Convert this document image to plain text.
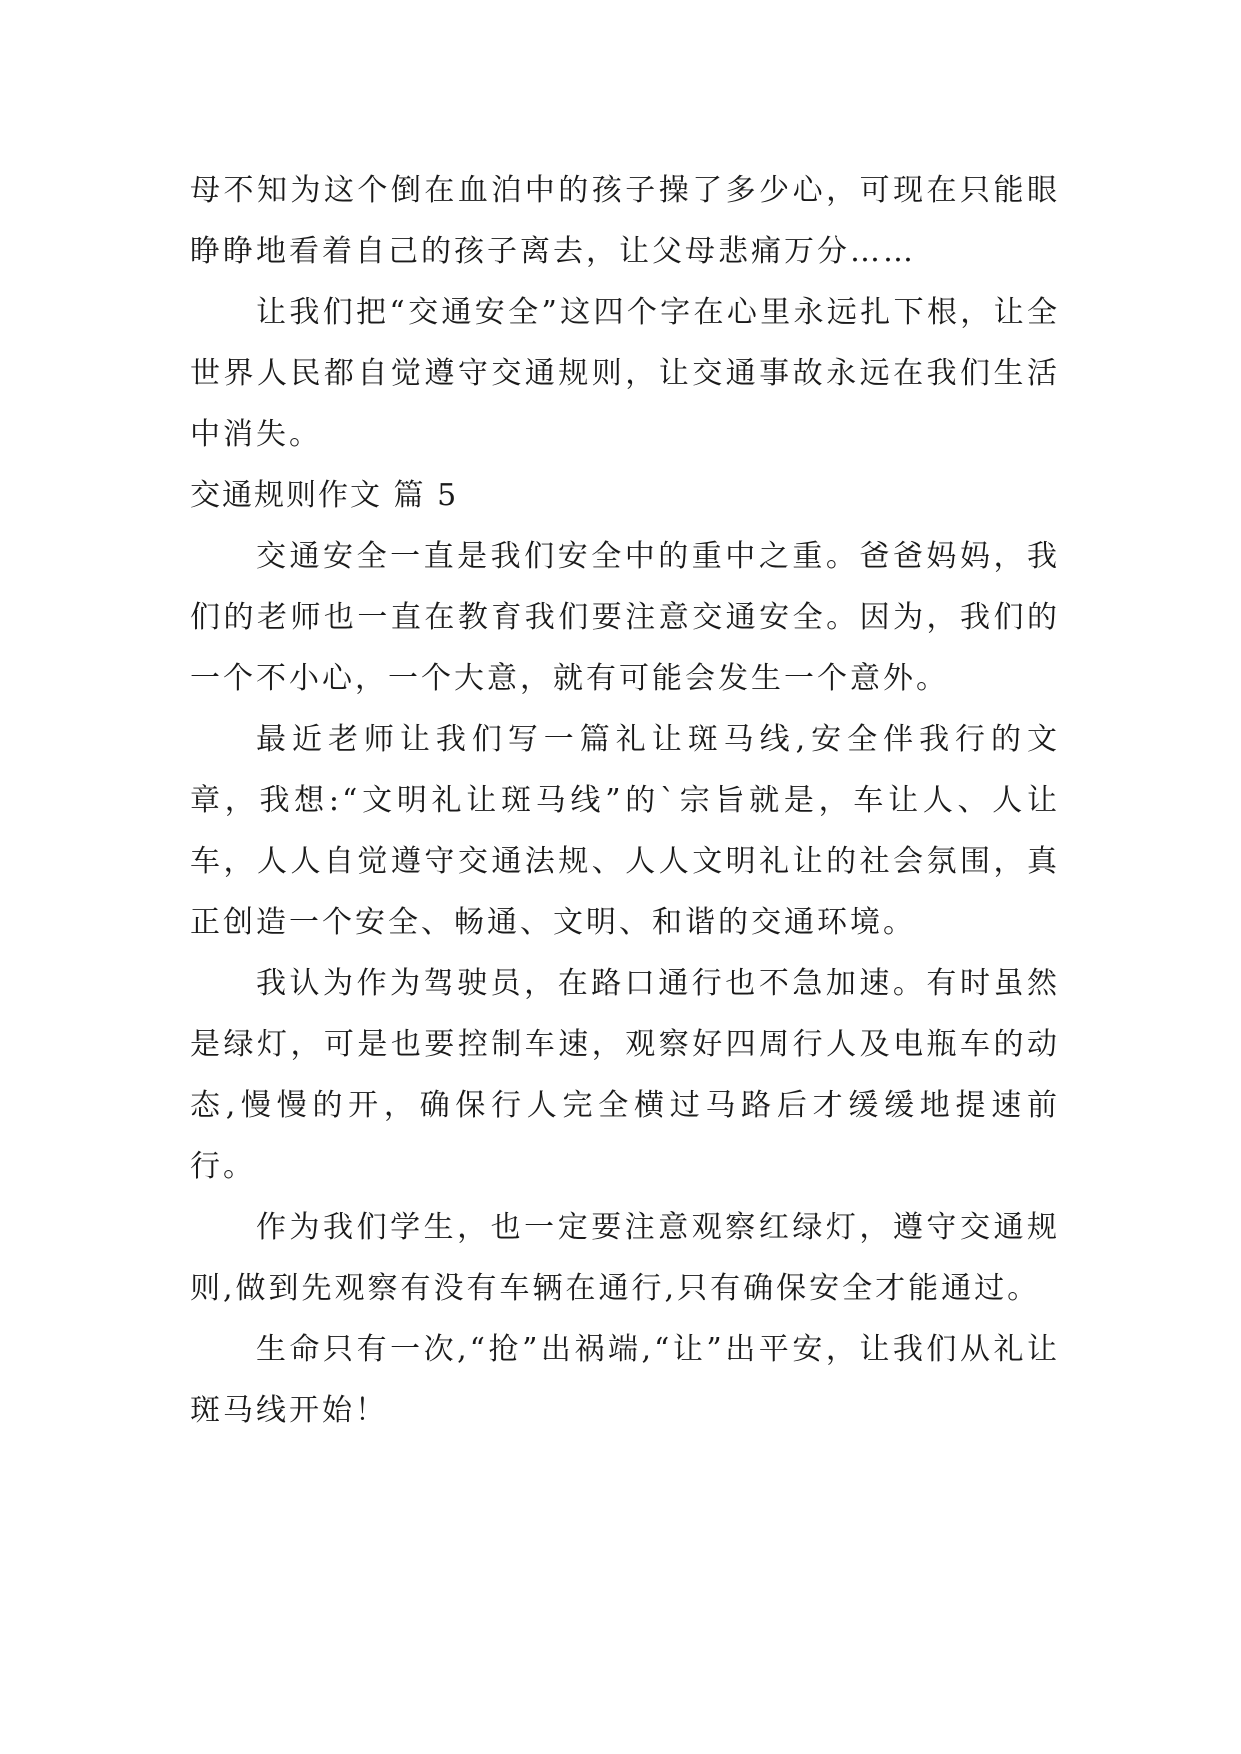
母不知为这个倒在血泊中的孩子操了多少心，可现在只能眼睁睁地看着自己的孩子离去，让父母悲痛万分……

让我们把“交通安全”这四个字在心里永远扎下根，让全世界人民都自觉遵守交通规则，让交通事故永远在我们生活中消失。

交通规则作文 篇 5

交通安全一直是我们安全中的重中之重。爸爸妈妈，我们的老师也一直在教育我们要注意交通安全。因为，我们的一个不小心，一个大意，就有可能会发生一个意外。

最近老师让我们写一篇礼让斑马线,安全伴我行的文章，我想:“文明礼让斑马线”的`宗旨就是，车让人、人让车，人人自觉遵守交通法规、人人文明礼让的社会氛围，真正创造一个安全、畅通、文明、和谐的交通环境。

我认为作为驾驶员，在路口通行也不急加速。有时虽然是绿灯，可是也要控制车速，观察好四周行人及电瓶车的动态,慢慢的开，确保行人完全横过马路后才缓缓地提速前行。

作为我们学生，也一定要注意观察红绿灯，遵守交通规则,做到先观察有没有车辆在通行,只有确保安全才能通过。

生命只有一次,“抢”出祸端,“让”出平安，让我们从礼让斑马线开始！
